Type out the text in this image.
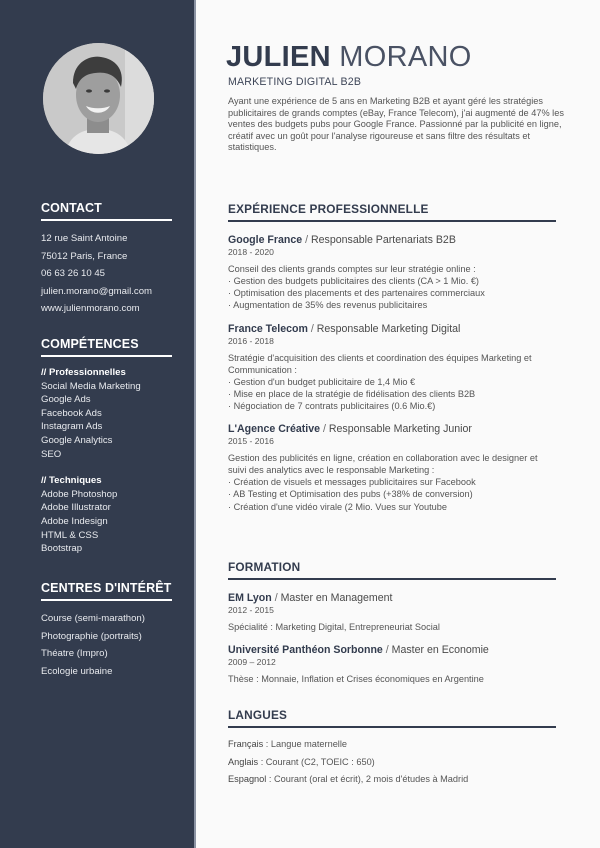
CONTACT
12 rue Saint Antoine
75012 Paris, France
06 63 26 10 45
julien.morano@gmail.com
www.julienmorano.com
COMPÉTENCES
// Professionnelles
Social Media Marketing
Google Ads
Facebook Ads
Instagram Ads
Google Analytics
SEO
// Techniques
Adobe Photoshop
Adobe Illustrator
Adobe Indesign
HTML & CSS
Bootstrap
CENTRES D'INTÉRÊT
Course (semi-marathon)
Photographie (portraits)
Théatre (Impro)
Ecologie urbaine
JULIEN MORANO
MARKETING DIGITAL B2B
Ayant une expérience de 5 ans en Marketing B2B et ayant géré les stratégies publicitaires de grands comptes (eBay, France Telecom), j'ai augmenté de 47% les ventes des budgets pubs pour Google France. Passionné par la publicité en ligne, créatif avec un goût pour l'analyse rigoureuse et sans filtre des résultats et statistiques.
EXPÉRIENCE PROFESSIONNELLE
Google France / Responsable Partenariats B2B
2018 - 2020
Conseil des clients grands comptes sur leur stratégie online :
· Gestion des budgets publicitaires des clients (CA > 1 Mio. €)
· Optimisation des placements et des partenaires commerciaux
· Augmentation de 35% des revenus publicitaires
France Telecom / Responsable Marketing Digital
2016 - 2018
Stratégie d'acquisition des clients et coordination des équipes Marketing et Communication :
· Gestion d'un budget publicitaire de 1,4 Mio €
· Mise en place de la stratégie de fidélisation des clients B2B
· Négociation de 7 contrats publicitaires (0.6 Mio.€)
L'Agence Créative / Responsable Marketing Junior
2015 - 2016
Gestion des publicités en ligne, création en collaboration avec le designer et suivi des analytics avec le responsable Marketing :
· Création de visuels et messages publicitaires sur Facebook
· AB Testing et Optimisation des pubs (+38% de conversion)
· Création d'une vidéo virale (2 Mio. Vues sur Youtube
FORMATION
EM Lyon / Master en Management
2012 - 2015
Spécialité : Marketing Digital, Entrepreneuriat Social
Université Panthéon Sorbonne / Master en Economie
2009 – 2012
Thèse : Monnaie, Inflation et Crises économiques en Argentine
LANGUES
Français : Langue maternelle
Anglais : Courant (C2, TOEIC : 650)
Espagnol : Courant (oral et écrit), 2 mois d'études à Madrid
